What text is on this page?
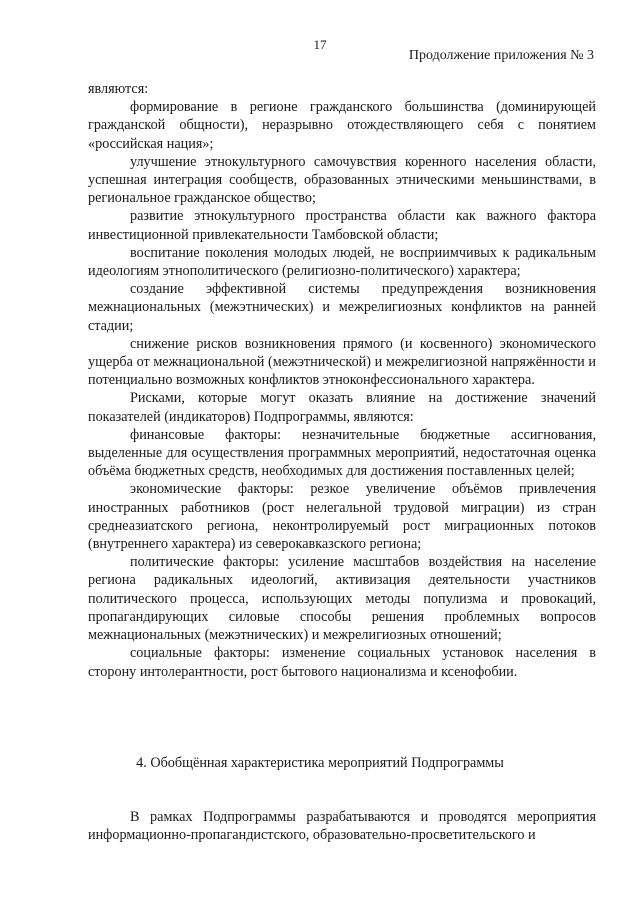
17
Продолжение приложения № 3

являются:

формирование в регионе гражданского большинства (доминирующей гражданской общности), неразрывно отождествляющего себя с понятием «российская нация»;

улучшение этнокультурного самочувствия коренного населения области, успешная интеграция сообществ, образованных этническими меньшинствами, в региональное гражданское общество;

развитие этнокультурного пространства области как важного фактора инвестиционной привлекательности Тамбовской области;

воспитание поколения молодых людей, не восприимчивых к радикальным идеологиям этнополитического (религиозно-политического) характера;

создание эффективной системы предупреждения возникновения межнациональных (межэтнических) и межрелигиозных конфликтов на ранней стадии;

снижение рисков возникновения прямого (и косвенного) экономического ущерба от межнациональной (межэтнической) и межрелигиозной напряжённости и потенциально возможных конфликтов этноконфессионального характера.

Рисками, которые могут оказать влияние на достижение значений показателей (индикаторов) Подпрограммы, являются:

финансовые факторы: незначительные бюджетные ассигнования, выделенные для осуществления программных мероприятий, недостаточная оценка объёма бюджетных средств, необходимых для достижения поставленных целей;

экономические факторы: резкое увеличение объёмов привлечения иностранных работников (рост нелегальной трудовой миграции) из стран среднеазиатского региона, неконтролируемый рост миграционных потоков (внутреннего характера) из северокавказского региона;

политические факторы: усиление масштабов воздействия на население региона радикальных идеологий, активизация деятельности участников политического процесса, использующих методы популизма и провокаций, пропагандирующих силовые способы решения проблемных вопросов межнациональных (межэтнических) и межрелигиозных отношений;

социальные факторы: изменение социальных установок населения в сторону интолерантности, рост бытового национализма и ксенофобии.

4. Обобщённая характеристика мероприятий Подпрограммы

В рамках Подпрограммы разрабатываются и проводятся мероприятия информационно-пропагандистского, образовательно-просветительского и
